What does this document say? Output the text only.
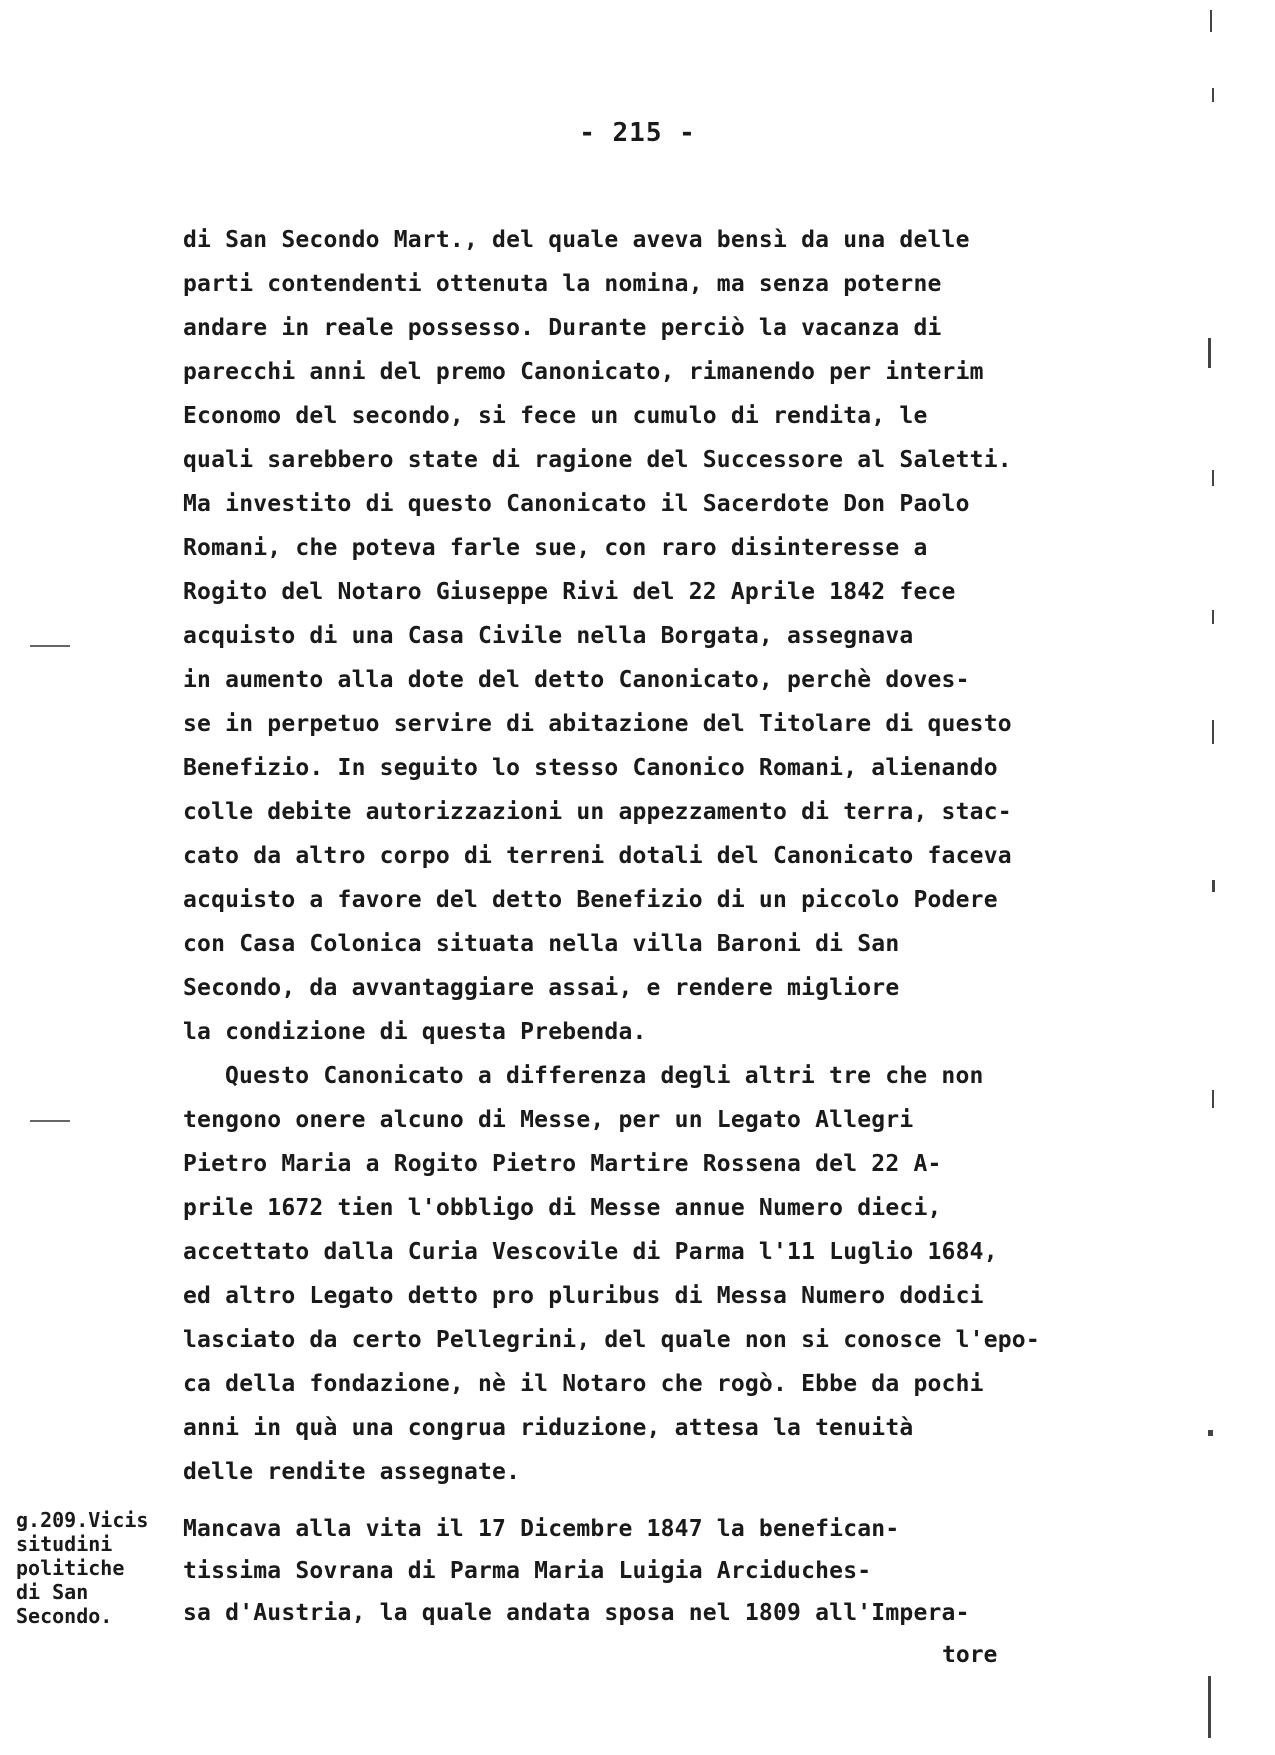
- 215 -
di San Secondo Mart., del quale aveva bensì da una delle
parti contendenti ottenuta la nomina, ma senza poterne
andare in reale possesso. Durante perciò la vacanza di
parecchi anni del premo Canonicato, rimanendo per interim
Economo del secondo, si fece un cumulo di rendita, le
quali sarebbero state di ragione del Successore al Saletti.
Ma investito di questo Canonicato il Sacerdote Don Paolo
Romani, che poteva farle sue, con raro disinteresse a
Rogito del Notaro Giuseppe Rivi del 22 Aprile 1842 fece
acquisto di una Casa Civile nella Borgata, assegnava
in aumento alla dote del detto Canonicato, perchè doves-
se in perpetuo servire di abitazione del Titolare di questo
Benefizio. In seguito lo stesso Canonico Romani, alienando
colle debite autorizzazioni un appezzamento di terra, stac-
cato da altro corpo di terreni dotali del Canonicato faceva
acquisto a favore del detto Benefizio di un piccolo Podere
con Casa Colonica situata nella villa Baroni di San
Secondo, da avvantaggiare assai, e rendere migliore
la condizione di questa Prebenda.
Questo Canonicato a differenza degli altri tre che non
tengono onere alcuno di Messe, per un Legato Allegri
Pietro Maria a Rogito Pietro Martire Rossena del 22 A-
prile 1672 tien l'obbligo di Messe annue Numero dieci,
accettato dalla Curia Vescovile di Parma l'11 Luglio 1684,
ed altro Legato detto pro pluribus di Messa Numero dodici
lasciato da certo Pellegrini, del quale non si conosce l'epo-
ca della fondazione, nè il Notaro che rogò. Ebbe da pochi
anni in quà una congrua riduzione, attesa la tenuità
delle rendite assegnate.
g.209.Vicis
situdini
politiche
di San
Secondo.
Mancava alla vita il 17 Dicembre 1847 la benefican-
tissima Sovrana di Parma Maria Luigia Arciduches-
sa d'Austria, la quale andata sposa nel 1809 all'Impera-
tore
